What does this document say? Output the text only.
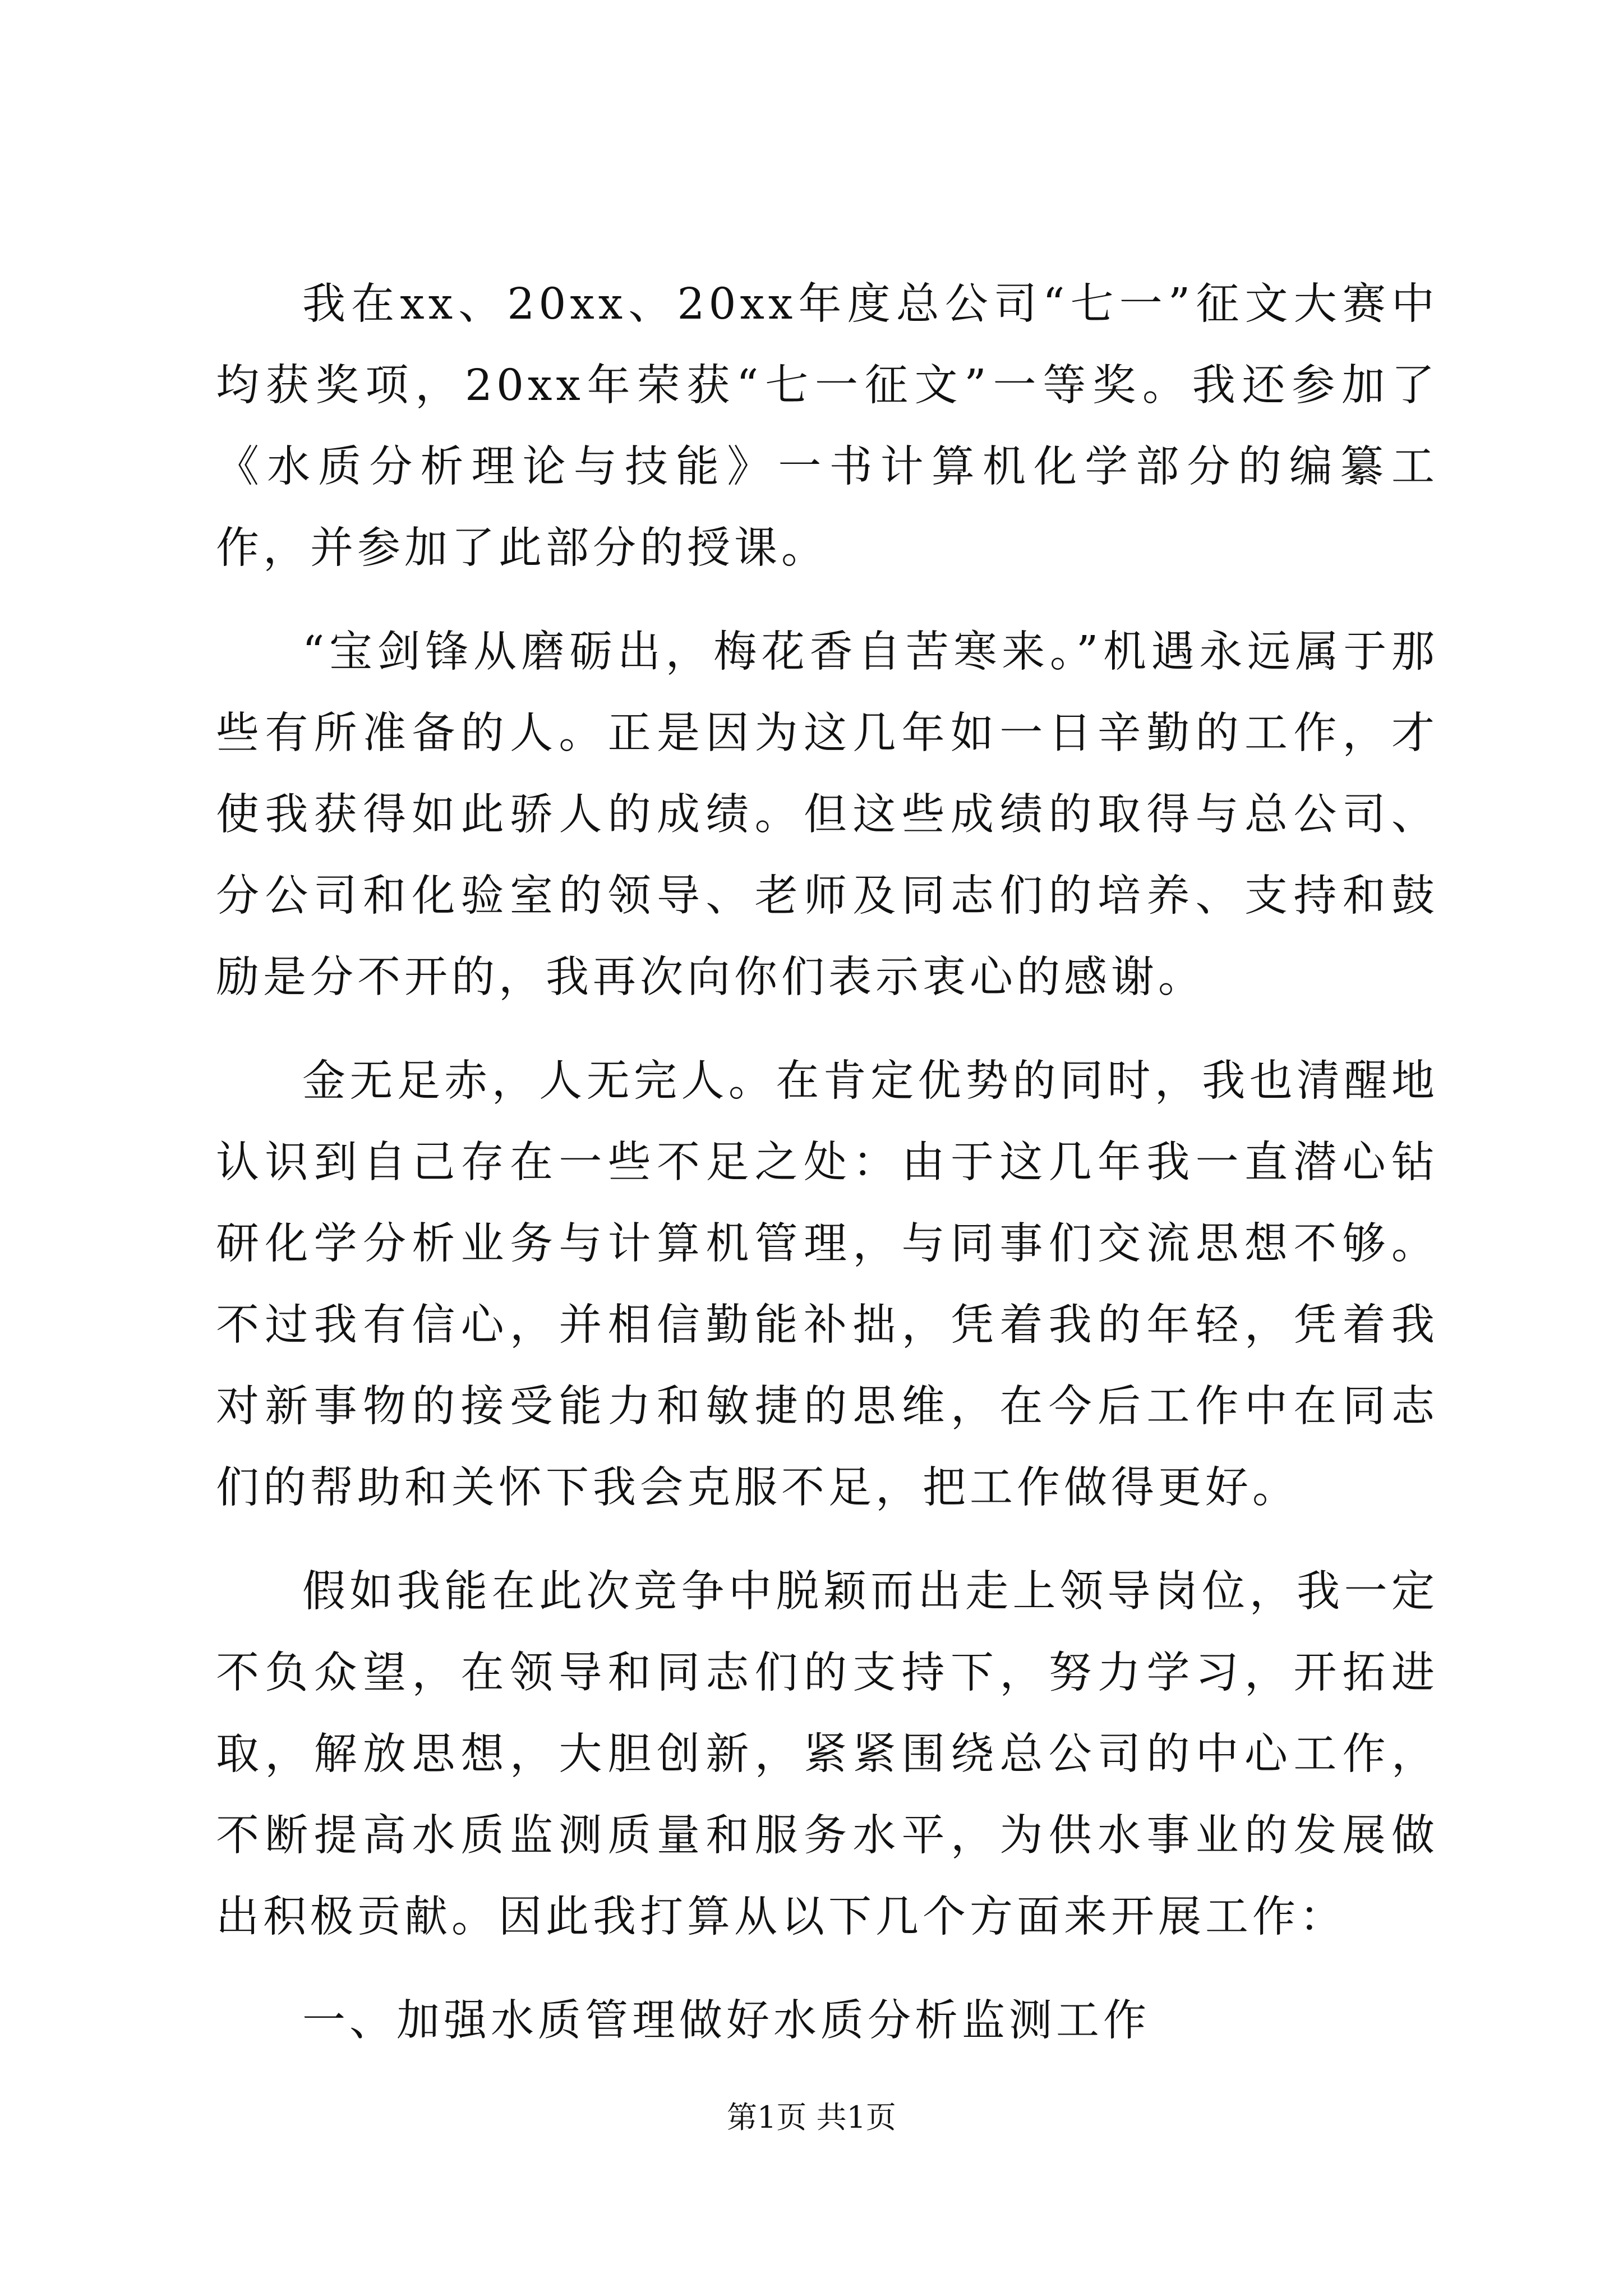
我在xx、20xx、20xx年度总公司“七一”征文大赛中均获奖项，20xx年荣获“七一征文”一等奖。我还参加了《水质分析理论与技能》一书计算机化学部分的编纂工作，并参加了此部分的授课。

“宝剑锋从磨砺出，梅花香自苦寒来。”机遇永远属于那些有所准备的人。正是因为这几年如一日辛勤的工作，才使我获得如此骄人的成绩。但这些成绩的取得与总公司、分公司和化验室的领导、老师及同志们的培养、支持和鼓励是分不开的，我再次向你们表示衷心的感谢。

金无足赤，人无完人。在肯定优势的同时，我也清醒地认识到自己存在一些不足之处：由于这几年我一直潜心钻研化学分析业务与计算机管理，与同事们交流思想不够。不过我有信心，并相信勤能补拙，凭着我的年轻，凭着我对新事物的接受能力和敏捷的思维，在今后工作中在同志们的帮助和关怀下我会克服不足，把工作做得更好。

假如我能在此次竞争中脱颖而出走上领导岗位，我一定不负众望，在领导和同志们的支持下，努力学习，开拓进取，解放思想，大胆创新，紧紧围绕总公司的中心工作，不断提高水质监测质量和服务水平，为供水事业的发展做出积极贡献。因此我打算从以下几个方面来开展工作：

一、加强水质管理做好水质分析监测工作

第1页 共1页
